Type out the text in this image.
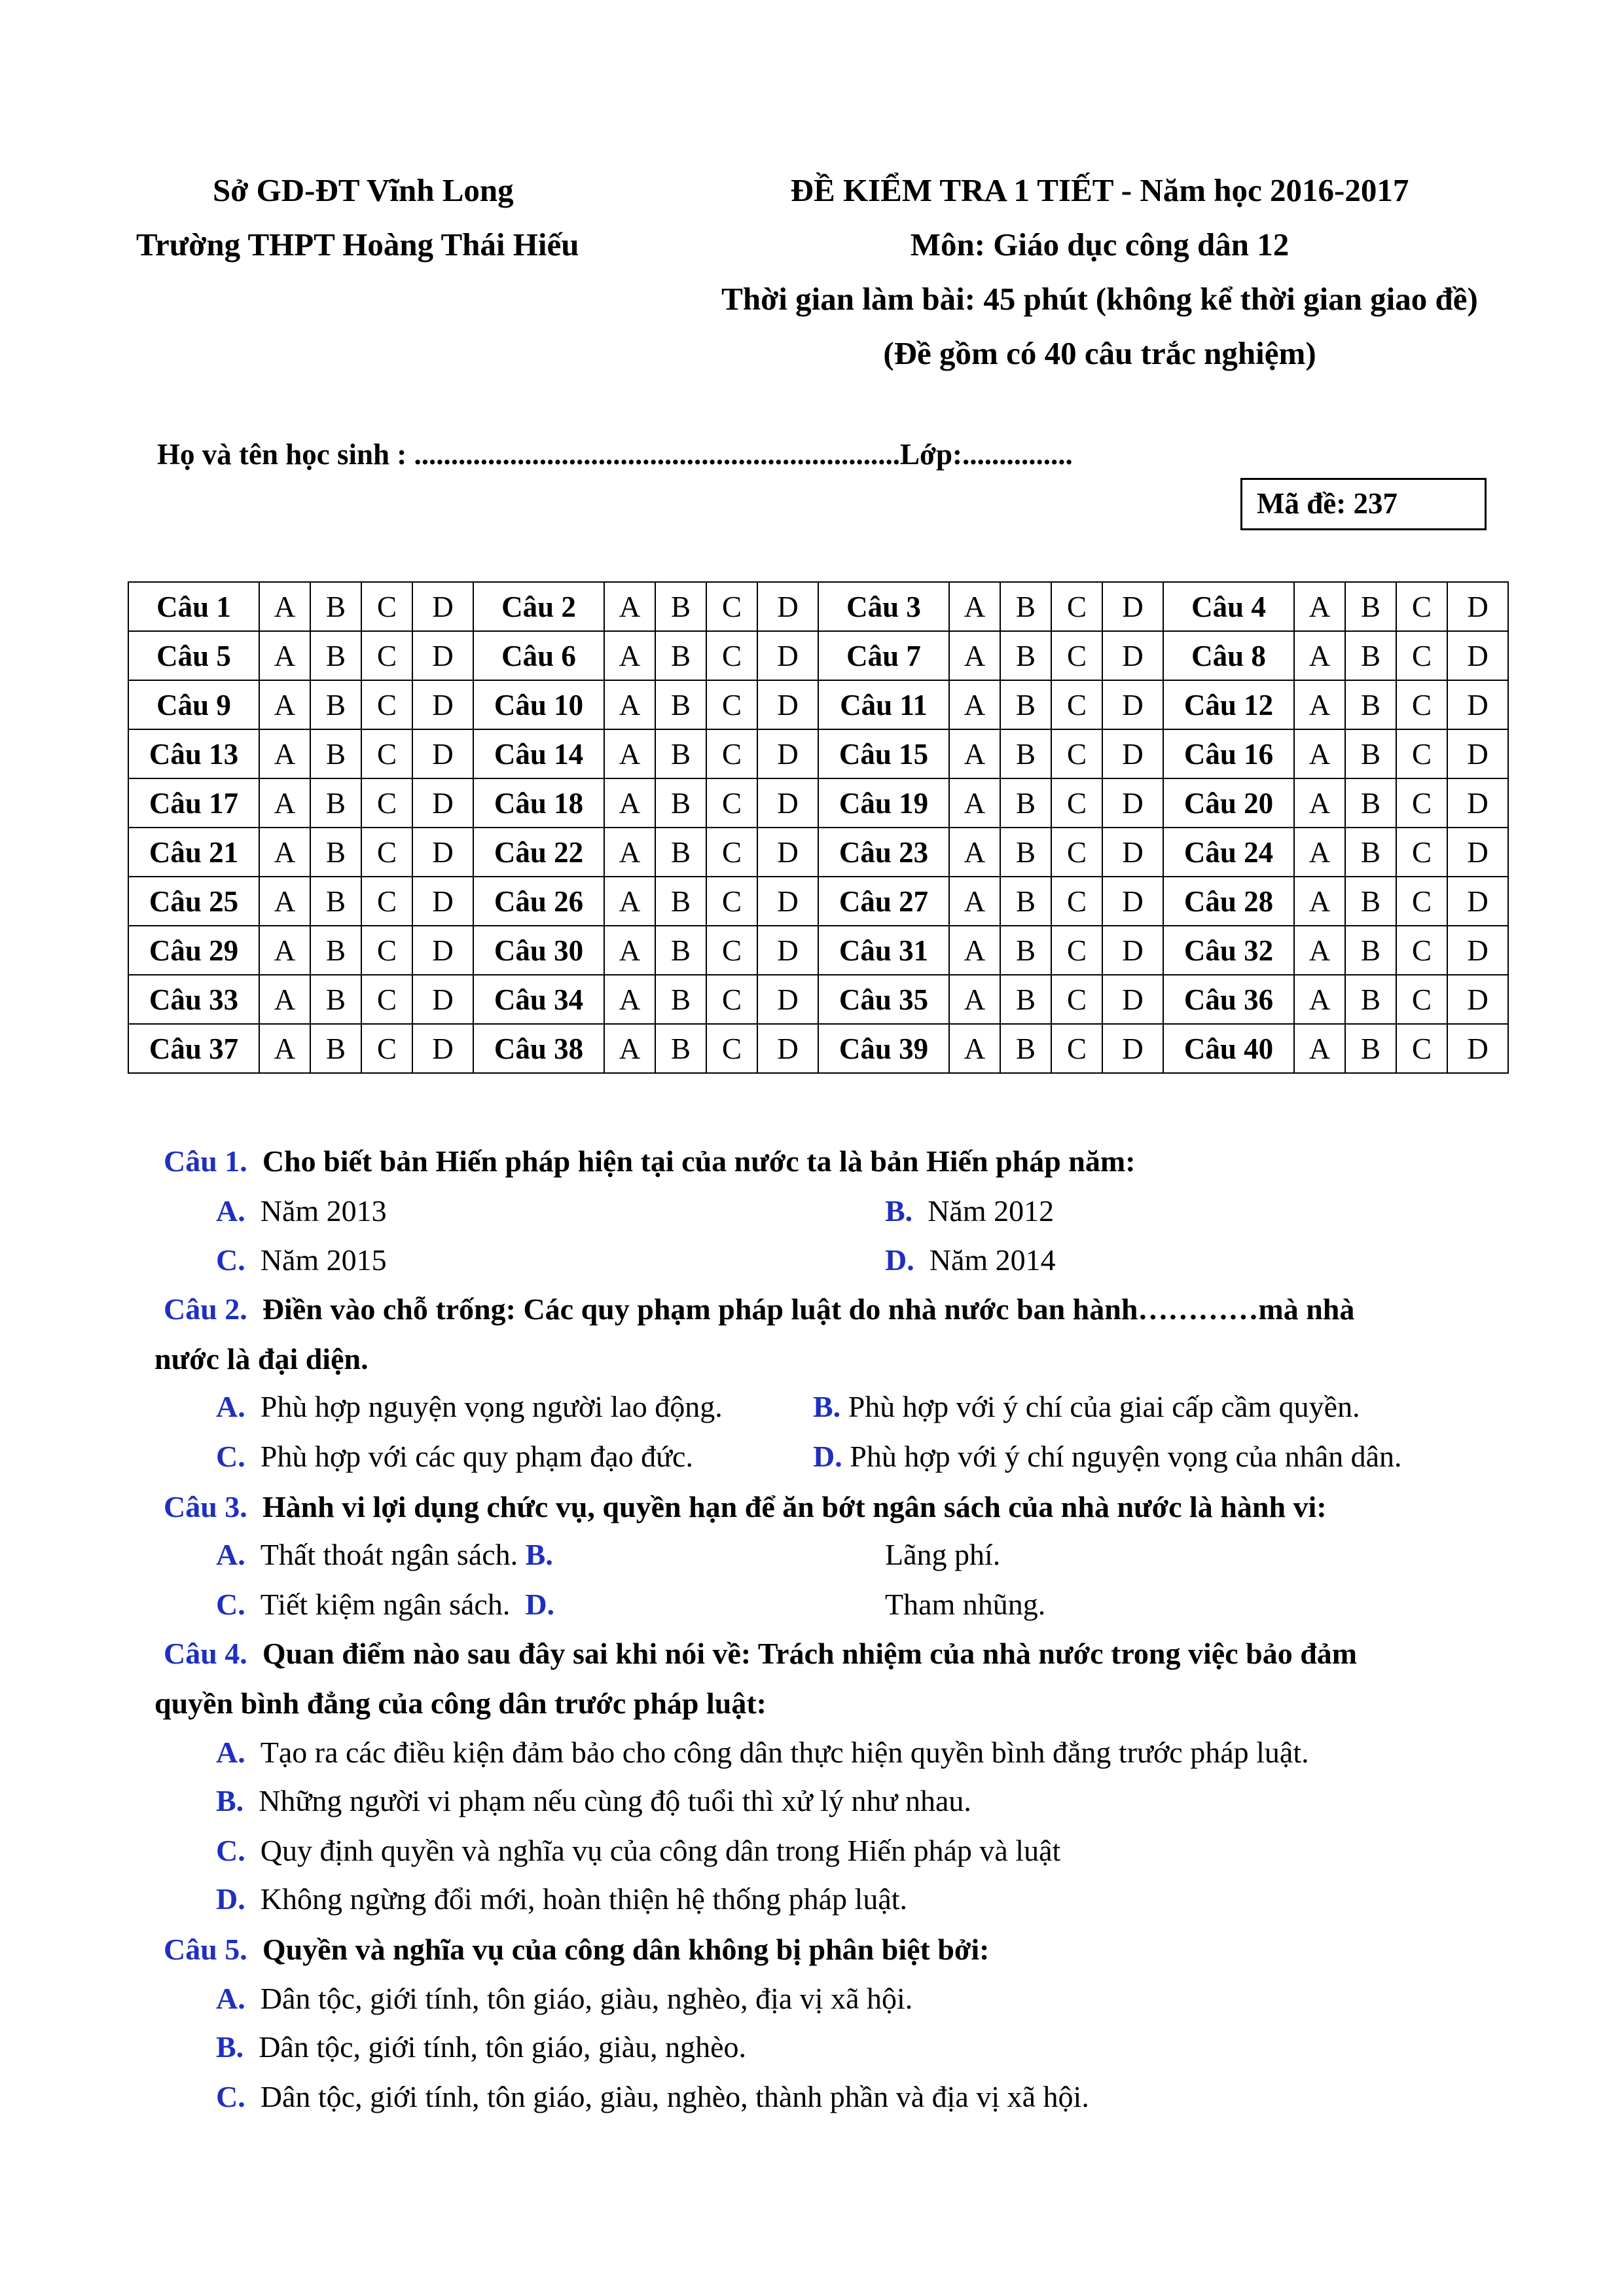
Sở GD-ĐT Vĩnh Long
Trường THPT Hoàng Thái Hiếu
ĐỀ KIỂM TRA 1 TIẾT - Năm học 2016-2017
Môn: Giáo dục công dân 12
Thời gian làm bài: 45 phút (không kể thời gian giao đề)
(Đề gồm có 40 câu trắc nghiệm)
Họ và tên học sinh : ..................................................................Lớp:...............
Mã đề: 237
Câu 1	A	B	C	D	Câu 2	A	B	C	D	Câu 3	A	B	C	D	Câu 4	A	B	C	D
Câu 5	A	B	C	D	Câu 6	A	B	C	D	Câu 7	A	B	C	D	Câu 8	A	B	C	D
Câu 9	A	B	C	D	Câu 10	A	B	C	D	Câu 11	A	B	C	D	Câu 12	A	B	C	D
Câu 13	A	B	C	D	Câu 14	A	B	C	D	Câu 15	A	B	C	D	Câu 16	A	B	C	D
Câu 17	A	B	C	D	Câu 18	A	B	C	D	Câu 19	A	B	C	D	Câu 20	A	B	C	D
Câu 21	A	B	C	D	Câu 22	A	B	C	D	Câu 23	A	B	C	D	Câu 24	A	B	C	D
Câu 25	A	B	C	D	Câu 26	A	B	C	D	Câu 27	A	B	C	D	Câu 28	A	B	C	D
Câu 29	A	B	C	D	Câu 30	A	B	C	D	Câu 31	A	B	C	D	Câu 32	A	B	C	D
Câu 33	A	B	C	D	Câu 34	A	B	C	D	Câu 35	A	B	C	D	Câu 36	A	B	C	D
Câu 37	A	B	C	D	Câu 38	A	B	C	D	Câu 39	A	B	C	D	Câu 40	A	B	C	D
Câu 1. Cho biết bản Hiến pháp hiện tại của nước ta là bản Hiến pháp năm:
A. Năm 2013	B. Năm 2012
C. Năm 2015	D. Năm 2014
Câu 2. Điền vào chỗ trống: Các quy phạm pháp luật do nhà nước ban hành…………mà nhà
nước là đại diện.
A. Phù hợp nguyện vọng người lao động.	B. Phù hợp với ý chí của giai cấp cầm quyền.
C. Phù hợp với các quy phạm đạo đức.	D. Phù hợp với ý chí nguyện vọng của nhân dân.
Câu 3. Hành vi lợi dụng chức vụ, quyền hạn để ăn bớt ngân sách của nhà nước là hành vi:
A. Thất thoát ngân sách. B.	Lãng phí.
C. Tiết kiệm ngân sách. D.	Tham nhũng.
Câu 4. Quan điểm nào sau đây sai khi nói về: Trách nhiệm của nhà nước trong việc bảo đảm
quyền bình đẳng của công dân trước pháp luật:
A. Tạo ra các điều kiện đảm bảo cho công dân thực hiện quyền bình đẳng trước pháp luật.
B. Những người vi phạm nếu cùng độ tuổi thì xử lý như nhau.
C. Quy định quyền và nghĩa vụ của công dân trong Hiến pháp và luật
D. Không ngừng đổi mới, hoàn thiện hệ thống pháp luật.
Câu 5. Quyền và nghĩa vụ của công dân không bị phân biệt bởi:
A. Dân tộc, giới tính, tôn giáo, giàu, nghèo, địa vị xã hội.
B. Dân tộc, giới tính, tôn giáo, giàu, nghèo.
C. Dân tộc, giới tính, tôn giáo, giàu, nghèo, thành phần và địa vị xã hội.
